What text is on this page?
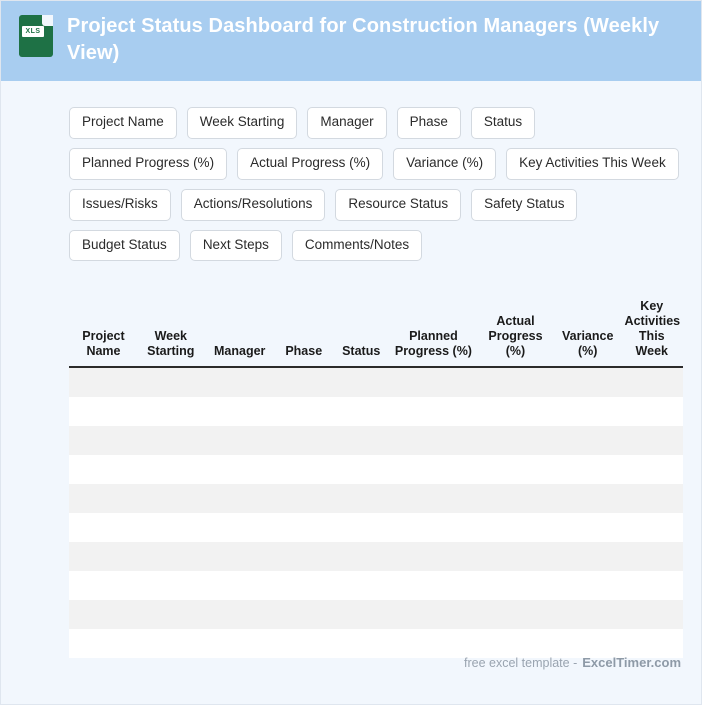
XLS Project Status Dashboard for Construction Managers (Weekly View)
Project Name	Week Starting	Manager	Phase	Status
Planned Progress (%)	Actual Progress (%)	Variance (%)	Key Activities This Week
Issues/Risks	Actions/Resolutions	Resource Status	Safety Status
Budget Status	Next Steps	Comments/Notes
Project Name	Week Starting	Manager	Phase	Status	Planned Progress (%)	Actual Progress (%)	Variance (%)	Key Activities This Week

free excel template - ExcelTimer.com
